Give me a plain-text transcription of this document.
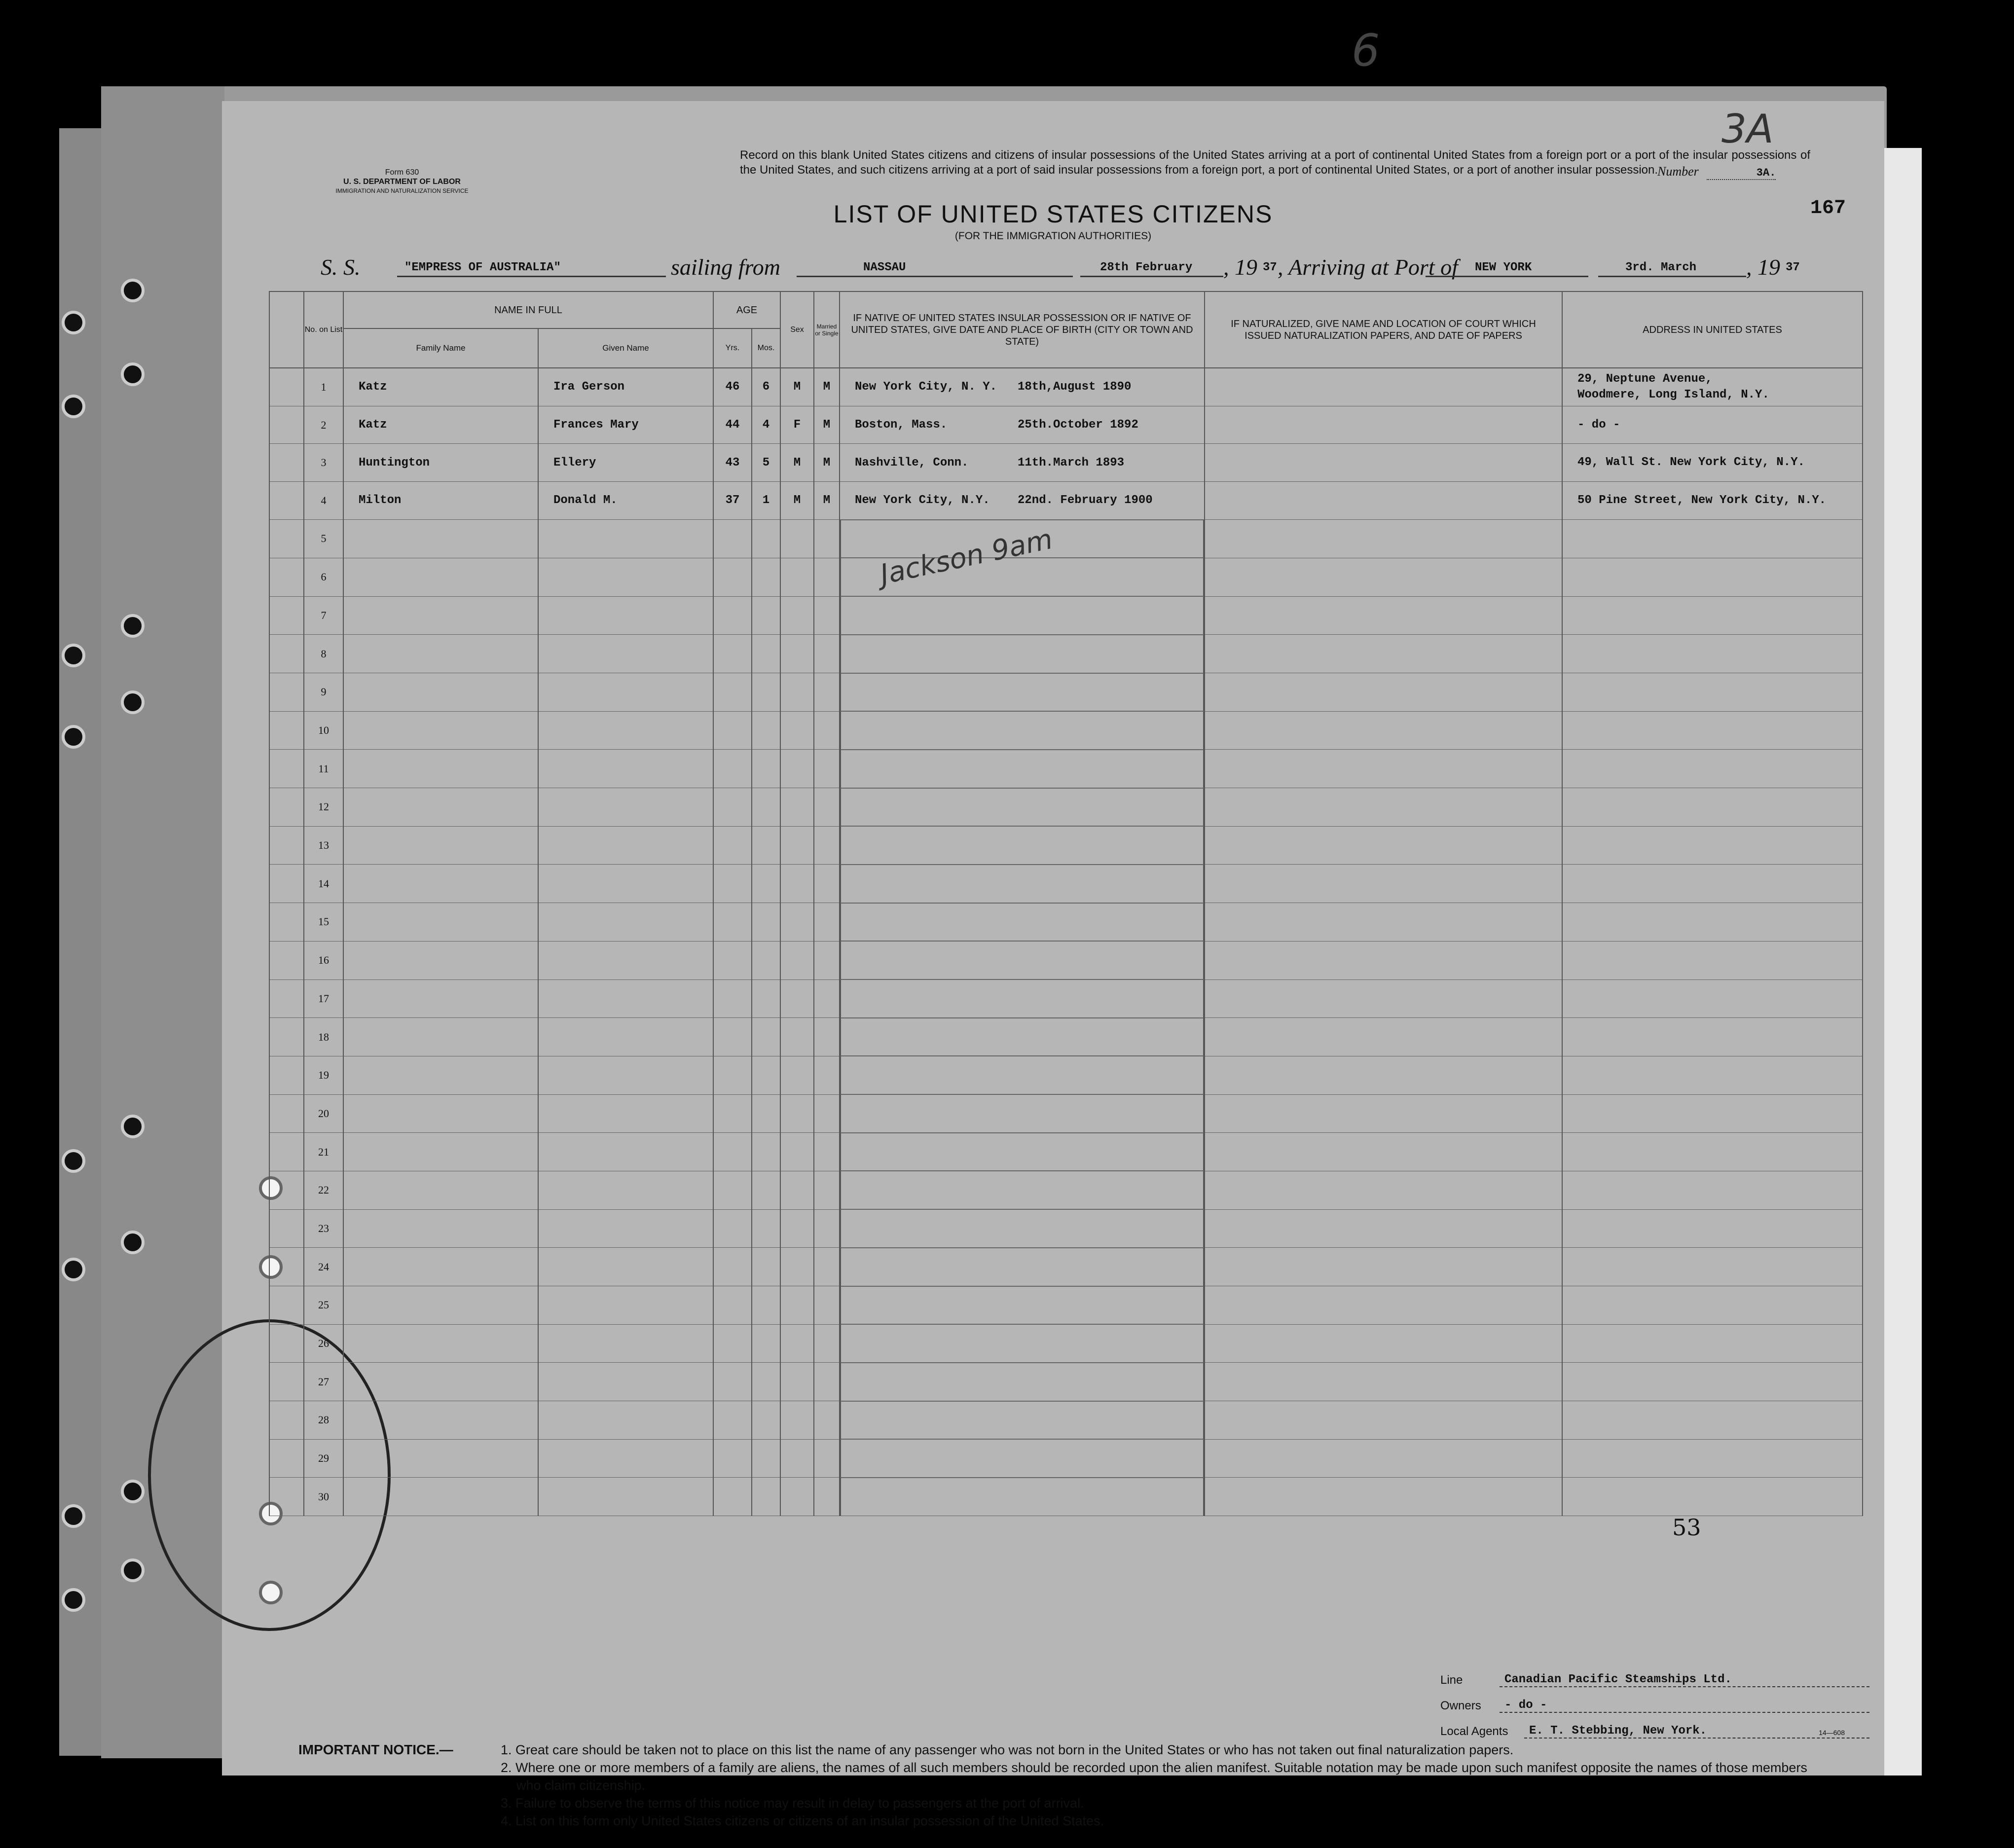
6
Form 630
U. S. DEPARTMENT OF LABOR
IMMIGRATION AND NATURALIZATION SERVICE
Record on this blank United States citizens and citizens of insular possessions of the United States arriving at a port of continental United States from a foreign port or a port of the insular possessions of the United States, and such citizens arriving at a port of said insular possessions from a foreign port, a port of continental United States, or a port of another insular possession.
3A
Number	3A.
167
LIST OF UNITED STATES CITIZENS
(FOR THE IMMIGRATION AUTHORITIES)
S. S.	"EMPRESS OF AUSTRALIA"	sailing from	NASSAU	28th February , 19 37 , Arriving at Port of NEW YORK	3rd. March , 19 37
	No. on List	NAME IN FULL		AGE		Sex	Married or Single	IF NATIVE OF UNITED STATES INSULAR POSSESSION OR IF NATIVE OF UNITED STATES, GIVE DATE AND PLACE OF BIRTH (CITY OR TOWN AND STATE)	IF NATURALIZED, GIVE NAME AND LOCATION OF COURT WHICH ISSUED NATURALIZATION PAPERS, AND DATE OF PAPERS	ADDRESS IN UNITED STATES
		Family Name	Given Name	Yrs.	Mos.					
	1	Katz	Ira Gerson	46	6	M	M	New York City, N. Y. 18th,August 1890		29, Neptune Avenue,
Woodmere, Long Island, N.Y.

	2	Katz	Frances Mary	44	4	F	M	Boston, Mass. 25th.October 1892		- do -

	3	Huntington	Ellery	43	5	M	M	Nashville, Conn. 11th.March 1893		49, Wall St. New York City, N.Y.

	4	Milton	Donald M.	37	1	M	M	New York City, N.Y. 22nd. February 1900		50 Pine Street, New York City, N.Y.

	5							

	6							

	7							

	8							

	9							

	10							

	11							

	12							

	13							

	14							

	15							

	16							

	17							

	18							

	19							

	20							

	21							

	22							

	23							

	24							

	25							

	26							

	27							

	28							

	29							

	30							

Jackson 9am
53
Line	Canadian Pacific Steamships Ltd.
Owners	- do -
Local Agents	E. T. Stebbing, New York.
IMPORTANT NOTICE.—	1. Great care should be taken not to place on this list the name of any passenger who was not born in the United States or who has not taken out final naturalization papers.
2. Where one or more members of a family are aliens, the names of all such members should be recorded upon the alien manifest. Suitable notation may be made upon such manifest opposite the names of those members who claim citizenship.
3. Failure to observe the terms of this notice may result in delay to passengers at the port of arrival.
4. List on this form only United States citizens or citizens of an insular possession of the United States.
14—608
